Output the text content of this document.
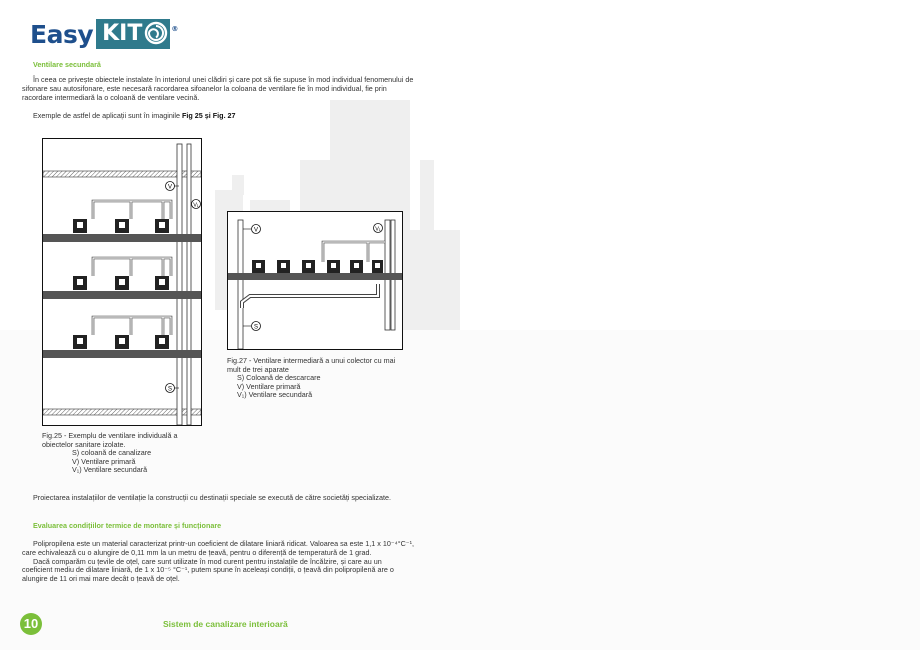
Easy KIT	®
Ventilare secundară
În ceea ce privește obiectele instalate în interiorul unei clădiri și care pot să fie supuse în mod individual fenomenului de
sifonare sau autosifonare, este necesară racordarea sifoanelor la coloana de ventilare fie în mod individual, fie prin
racordare intermediară la o coloană de ventilare vecină.
Exemple de astfel de aplicații sunt în imaginile Fig 25 și Fig. 27
V
V₁
S
Fig.25 - Exemplu de ventilare individuală a
obiectelor sanitare izolate.
S) coloană de canalizare
V) Ventilare primară
V₁) Ventilare secundară
V	V₁
S
Fig.27 - Ventilare intermediară a unui colector cu mai
mult de trei aparate
S) Coloană de descarcare
V) Ventilare primară
V₁) Ventilare secundară
Proiectarea instalațiilor de ventilație la construcții cu destinații speciale se execută de către societăți specializate.
Evaluarea condițiilor termice de montare și funcționare
Polipropilena este un material caracterizat printr-un coeficient de dilatare liniară ridicat. Valoarea sa este 1,1 x 10⁻⁴°C⁻¹,
care echivalează cu o alungire de 0,11 mm la un metru de țeavă, pentru o diferență de temperatură de 1 grad.
Dacă comparăm cu țevile de oțel, care sunt utilizate în mod curent pentru instalațile de încălzire, și care au un
coeficient mediu de dilatare liniară, de 1 x 10⁻⁵ °C⁻¹, putem spune în aceleași condiții, o țeavă din polipropilenă are o
alungire de 11 ori mai mare decât o țeavă de oțel.
10	Sistem de canalizare interioară
